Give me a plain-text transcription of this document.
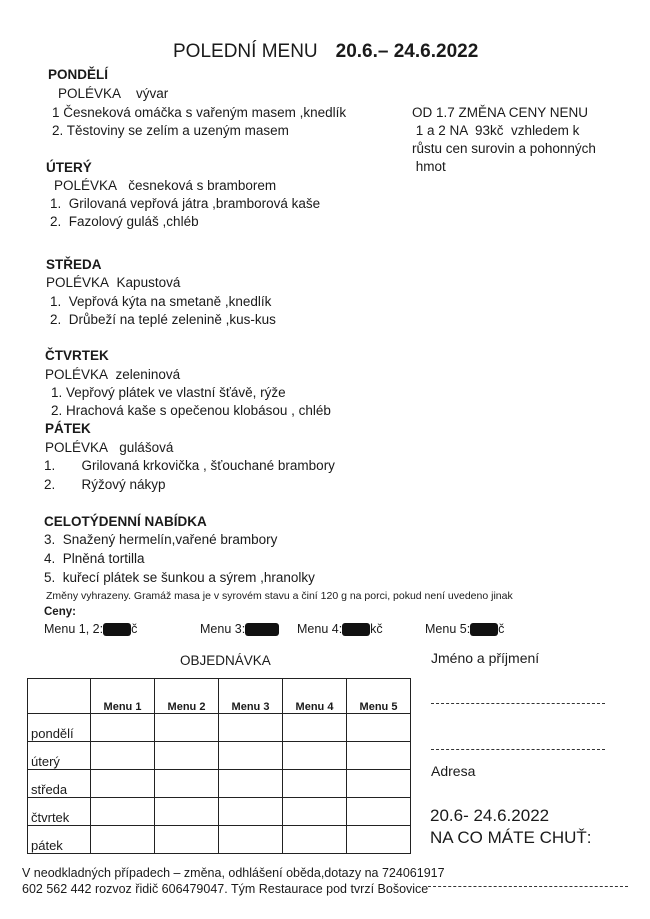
POLEDNÍ MENU 20.6.– 24.6.2022
PONDĚLÍ
POLÉVKA vývar
1 Česneková omáčka s vařeným masem ,knedlík
2. Těstoviny se zelím a uzeným masem
OD 1.7 ZMĚNA CENY NENU
1 a 2 NA  93kč  vzhledem k
růstu cen surovin a pohonných
hmot
ÚTERÝ
POLÉVKA česneková s bramborem
1.  Grilovaná vepřová játra ,bramborová kaše
2.  Fazolový guláš ,chléb
STŘEDA
POLÉVKA Kapustová
1.  Vepřová kýta na smetaně ,knedlík
2.  Drůbeží na teplé zelenině ,kus-kus
ČTVRTEK
POLÉVKA zeleninová
1. Vepřový plátek ve vlastní šťávě, rýže
2. Hrachová kaše s opečenou klobásou , chléb
PÁTEK
POLÉVKA gulášová
1.       Grilovaná krkovička , šťouchané brambory
2.       Rýžový nákyp
CELOTÝDENNÍ NABÍDKA
3.  Snažený hermelín,vařené brambory
4.  Plněná tortilla
5.  kuřecí plátek se šunkou a sýrem ,hranolky
Změny vyhrazeny. Gramáž masa je v syrovém stavu a činí 120 g na porci, pokud není uvedeno jinak
Ceny:
Menu 1, 2: č	Menu 3:	Menu 4: kč	Menu 5: č
OBJEDNÁVKA
	Menu 1	Menu 2	Menu 3	Menu 4	Menu 5
pondělí					
úterý					
středa					
čtvrtek					
pátek					
Jméno a příjmení
Adresa
20.6- 24.6.2022
NA CO MÁTE CHUŤ:
V neodkladných případech – změna, odhlášení oběda,dotazy na 724061917
602 562 442 rozvoz řidič 606479047. Tým Restaurace pod tvrzí Bošovice
